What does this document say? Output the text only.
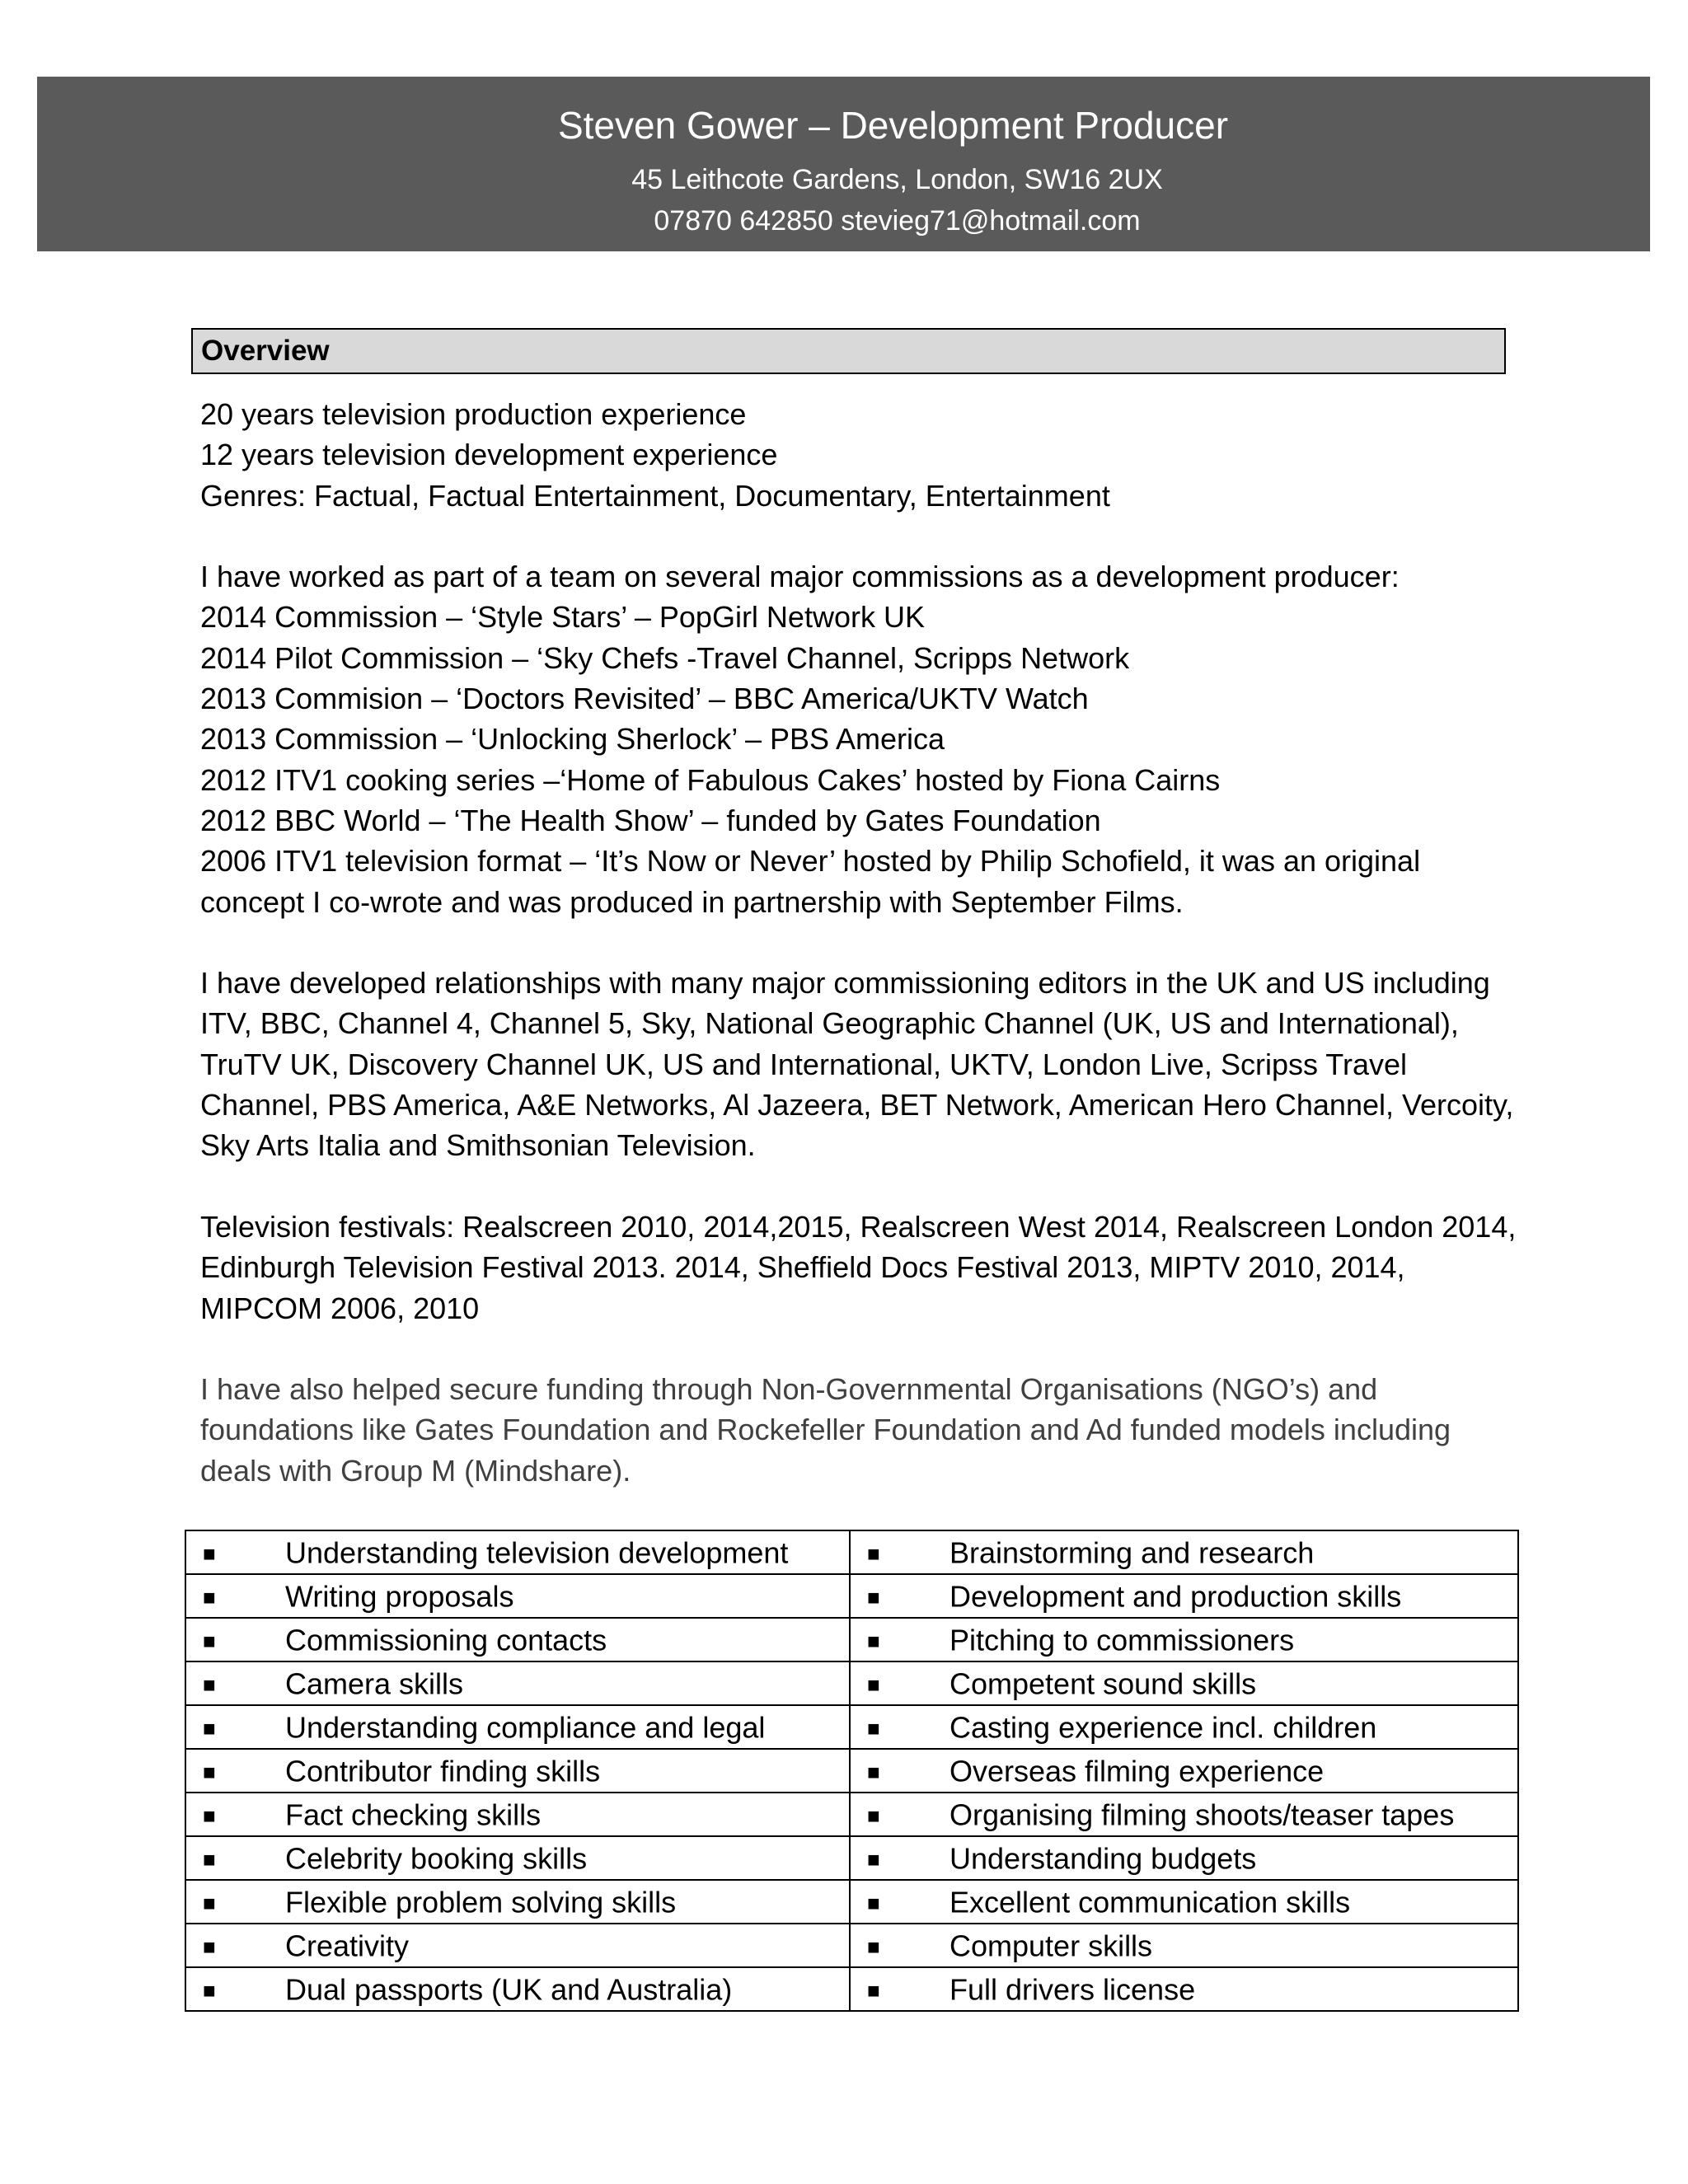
Steven Gower – Development Producer
45 Leithcote Gardens, London, SW16 2UX
07870 642850 stevieg71@hotmail.com
Overview

20 years television production experience

12 years television development experience

Genres: Factual, Factual Entertainment, Documentary, Entertainment

I have worked as part of a team on several major commissions as a development producer:

2014 Commission – ‘Style Stars’ – PopGirl Network UK

2014 Pilot Commission – ‘Sky Chefs -Travel Channel, Scripps Network

2013 Commision – ‘Doctors Revisited’ – BBC America/UKTV Watch

2013 Commission – ‘Unlocking Sherlock’ – PBS America

2012 ITV1 cooking series –‘Home of Fabulous Cakes’ hosted by Fiona Cairns

2012 BBC World – ‘The Health Show’ – funded by Gates Foundation

2006 ITV1 television format – ‘It’s Now or Never’ hosted by Philip Schofield, it was an original concept I co-wrote and was produced in partnership with September Films.

I have developed relationships with many major commissioning editors in the UK and US including ITV, BBC, Channel 4, Channel 5, Sky, National Geographic Channel (UK, US and International), TruTV UK, Discovery Channel UK, US and International, UKTV, London Live, Scripss Travel Channel, PBS America, A&E Networks, Al Jazeera, BET Network, American Hero Channel, Vercoity, Sky Arts Italia and Smithsonian Television.

Television festivals: Realscreen 2010, 2014,2015, Realscreen West 2014, Realscreen London 2014, Edinburgh Television Festival 2013. 2014, Sheffield Docs Festival 2013, MIPTV 2010, 2014, MIPCOM 2006, 2010

I have also helped secure funding through Non-Governmental Organisations (NGO’s) and foundations like Gates Foundation and Rockefeller Foundation and Ad funded models including deals with Group M (Mindshare).

■ Understanding television development	■ Brainstorming and research
■ Writing proposals	■ Development and production skills
■ Commissioning contacts	■ Pitching to commissioners
■ Camera skills	■ Competent sound skills
■ Understanding compliance and legal	■ Casting experience incl. children
■ Contributor finding skills	■ Overseas filming experience
■ Fact checking skills	■ Organising filming shoots/teaser tapes
■ Celebrity booking skills	■ Understanding budgets
■ Flexible problem solving skills	■ Excellent communication skills
■ Creativity	■ Computer skills
■ Dual passports (UK and Australia)	■ Full drivers license
